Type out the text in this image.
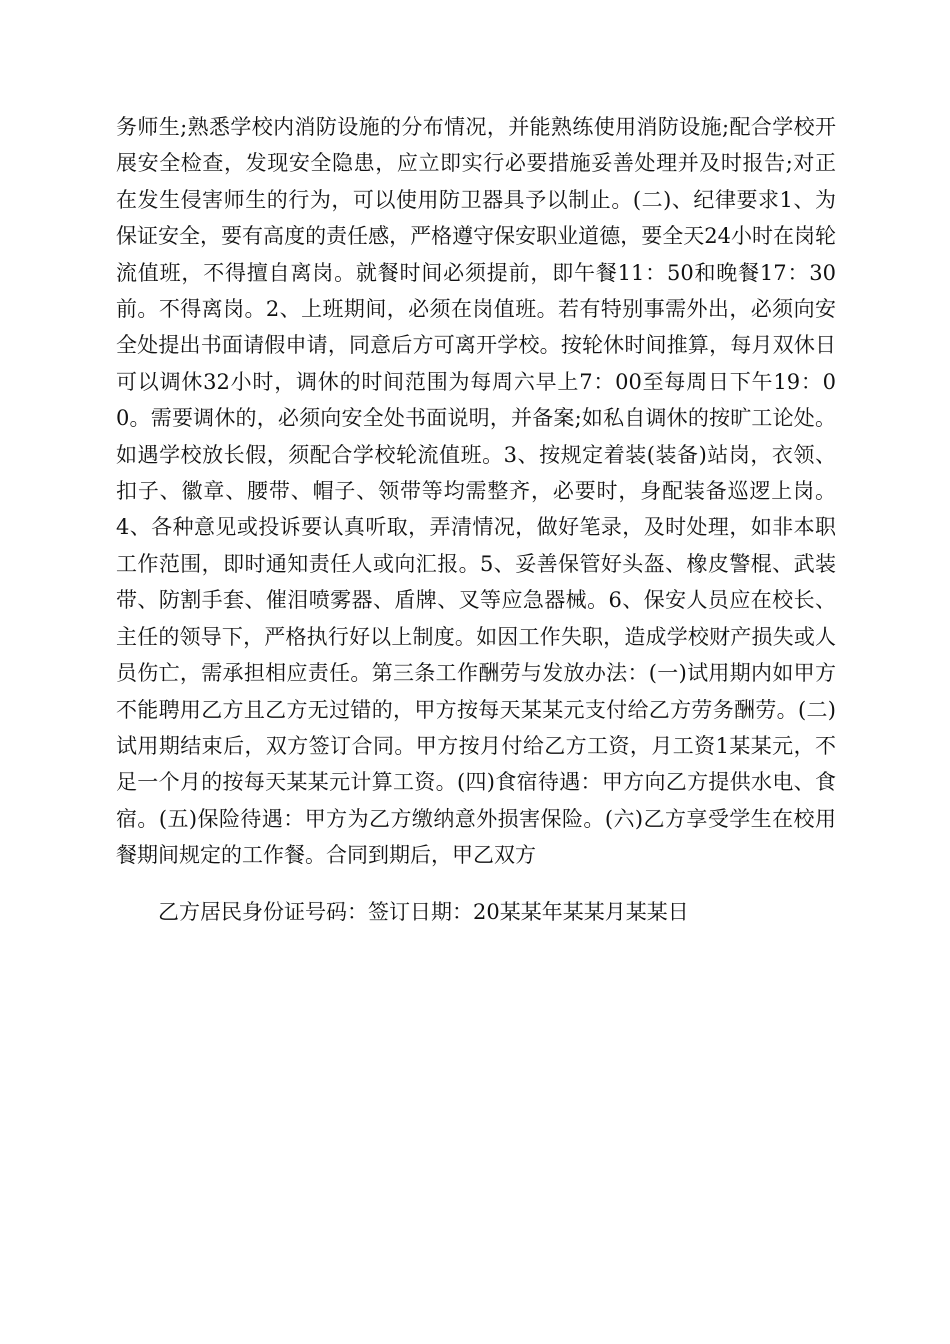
务师生;熟悉学校内消防设施的分布情况，并能熟练使用消防设施;配合学校开展安全检查，发现安全隐患，应立即实行必要措施妥善处理并及时报告;对正在发生侵害师生的行为，可以使用防卫器具予以制止。(二)、纪律要求1、为保证安全，要有高度的责任感，严格遵守保安职业道德，要全天24小时在岗轮流值班，不得擅自离岗。就餐时间必须提前，即午餐11：50和晚餐17：30前。不得离岗。2、上班期间，必须在岗值班。若有特别事需外出，必须向安全处提出书面请假申请，同意后方可离开学校。按轮休时间推算，每月双休日可以调休32小时，调休的时间范围为每周六早上7：00至每周日下午19：00。需要调休的，必须向安全处书面说明，并备案;如私自调休的按旷工论处。如遇学校放长假，须配合学校轮流值班。3、按规定着装(装备)站岗，衣领、扣子、徽章、腰带、帽子、领带等均需整齐，必要时，身配装备巡逻上岗。4、各种意见或投诉要认真听取，弄清情况，做好笔录，及时处理，如非本职工作范围，即时通知责任人或向汇报。5、妥善保管好头盔、橡皮警棍、武装带、防割手套、催泪喷雾器、盾牌、叉等应急器械。6、保安人员应在校长、主任的领导下，严格执行好以上制度。如因工作失职，造成学校财产损失或人员伤亡，需承担相应责任。第三条工作酬劳与发放办法：(一)试用期内如甲方不能聘用乙方且乙方无过错的，甲方按每天某某元支付给乙方劳务酬劳。(二)试用期结束后，双方签订合同。甲方按月付给乙方工资，月工资1某某元，不足一个月的按每天某某元计算工资。(四)食宿待遇：甲方向乙方提供水电、食宿。(五)保险待遇：甲方为乙方缴纳意外损害保险。(六)乙方享受学生在校用餐期间规定的工作餐。合同到期后，甲乙双方

乙方居民身份证号码：签订日期：20某某年某某月某某日
